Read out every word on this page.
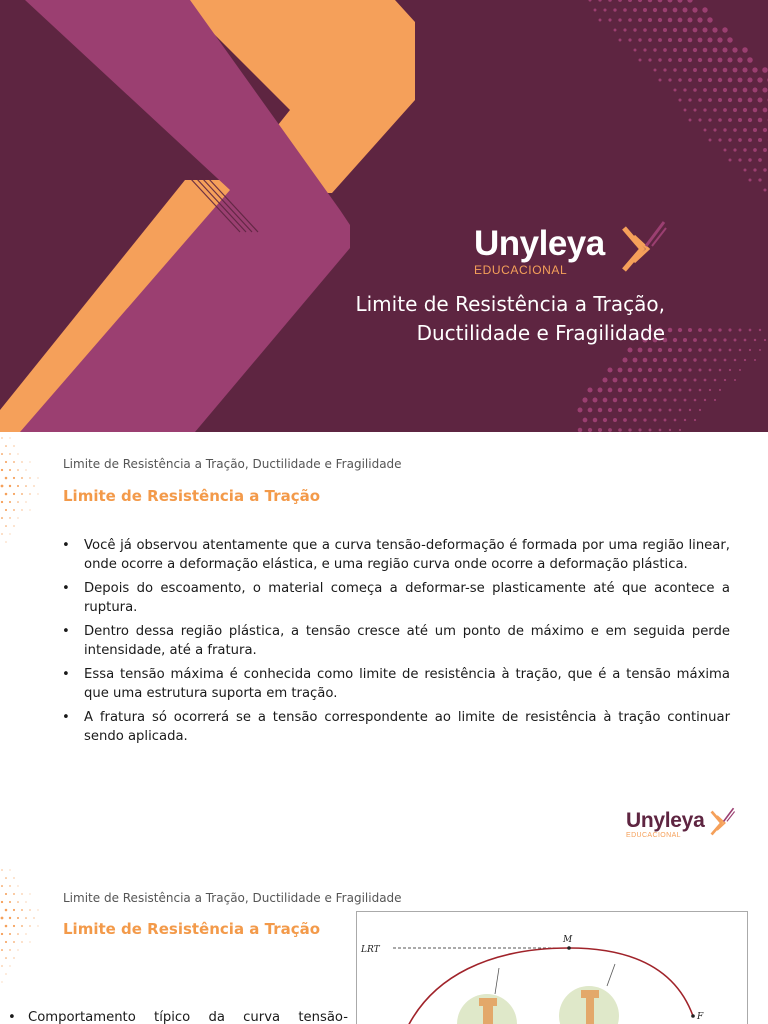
Unyleya
EDUCACIONAL
Limite de Resistência a Tração,
Ductilidade e Fragilidade
Limite de Resistência a Tração, Ductilidade e Fragilidade
Limite de Resistência a Tração
• Você já observou atentamente que a curva tensão-deformação é formada por uma região linear, onde ocorre a deformação elástica, e uma região curva onde ocorre a deformação plástica.
• Depois do escoamento, o material começa a deformar-se plasticamente até que acontece a ruptura.
• Dentro dessa região plástica, a tensão cresce até um ponto de máximo e em seguida perde intensidade, até a fratura.
• Essa tensão máxima é conhecida como limite de resistência à tração, que é a tensão máxima que uma estrutura suporta em tração.
• A fratura só ocorrerá se a tensão correspondente ao limite de resistência à tração continuar sendo aplicada.
Unyleya
EDUCACIONAL
Limite de Resistência a Tração, Ductilidade e Fragilidade
Limite de Resistência a Tração
• Comportamento típico da curva tensão-
LRT
M
F
